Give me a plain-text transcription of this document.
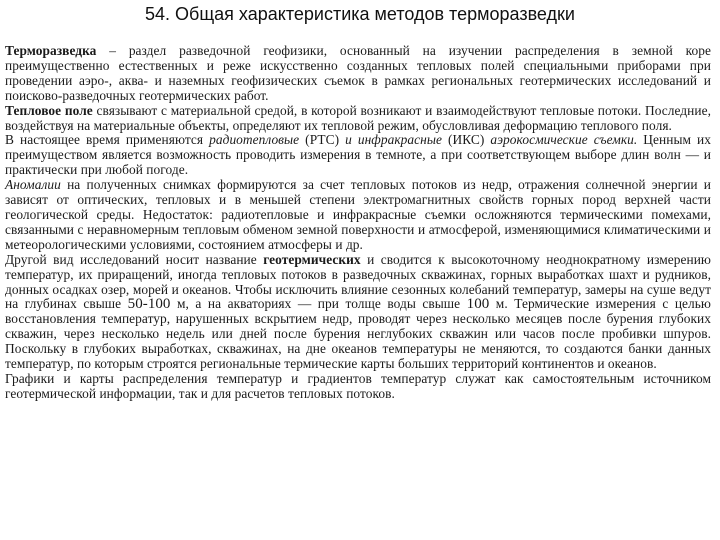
54. Общая характеристика методов терморазведки

Терморазведка – раздел разведочной геофизики, основанный на изучении распределения в земной коре преимущественно естественных и реже искусственно созданных тепловых полей специальными приборами при проведении аэро-, аква- и наземных геофизических съемок в рамках региональных геотермических исследований и поисково-разведочных геотермических работ.

Тепловое поле связывают с материальной средой, в которой возникают и взаимодействуют тепловые потоки. Последние, воздействуя на материальные объекты, определяют их тепловой режим, обусловливая деформацию теплового поля.

В настоящее время применяются радиотепловые (РТС) и инфракрасные (ИКС) аэрокосмические съемки. Ценным их преимуществом является возможность проводить измерения в темноте, а при соответствующем выборе длин волн — и практически при любой погоде.

Аномалии на полученных снимках формируются за счет тепловых потоков из недр, отражения солнечной энергии и зависят от оптических, тепловых и в меньшей степени электромагнитных свойств горных пород верхней части геологической среды. Недостаток: радиотепловые и инфракрасные съемки осложняются термическими помехами, связанными с неравномерным тепловым обменом земной поверхности и атмосферой, изменяющимися климатическими и метеорологическими условиями, состоянием атмосферы и др.

Другой вид исследований носит название геотермических и сводится к высокоточному неоднократному измерению температур, их приращений, иногда тепловых потоков в разведочных скважинах, горных выработках шахт и рудников, донных осадках озер, морей и океанов. Чтобы исключить влияние сезонных колебаний температур, замеры на суше ведут на глубинах свыше 50-100 м, а на акваториях — при толще воды свыше 100 м. Термические измерения с целью восстановления температур, нарушенных вскрытием недр, проводят через несколько месяцев после бурения глубоких скважин, через несколько недель или дней после бурения неглубоких скважин или часов после пробивки шпуров. Поскольку в глубоких выработках, скважинах, на дне океанов температуры не меняются, то создаются банки данных температур, по которым строятся региональные термические карты больших территорий континентов и океанов.

Графики и карты распределения температур и градиентов температур служат как самостоятельным источником геотермической информации, так и для расчетов тепловых потоков.
